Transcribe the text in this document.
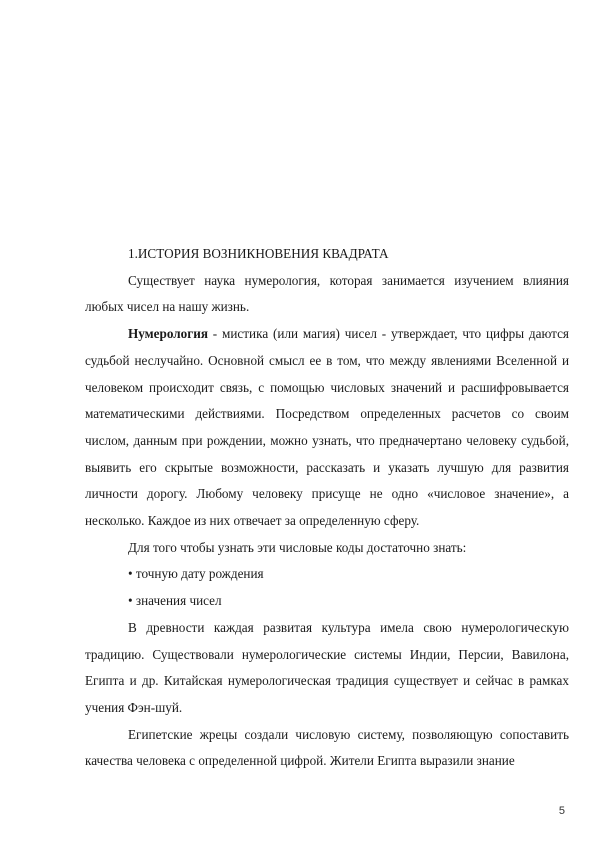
1.ИСТОРИЯ ВОЗНИКНОВЕНИЯ КВАДРАТА

Существует наука нумерология, которая занимается изучением влияния любых чисел на нашу жизнь.

Нумерология - мистика (или магия) чисел - утверждает, что цифры даются судьбой неслучайно. Основной смысл ее в том, что между явлениями Вселенной и человеком происходит связь, с помощью числовых значений и расшифровывается математическими действиями. Посредством определенных расчетов со своим числом, данным при рождении, можно узнать, что предначертано человеку судьбой, выявить его скрытые возможности, рассказать и указать лучшую для развития личности дорогу. Любому человеку присуще не одно «числовое значение», а несколько. Каждое из них отвечает за определенную сферу.

Для того чтобы узнать эти числовые коды достаточно знать:

• точную дату рождения

• значения чисел

В древности каждая развитая культура имела свою нумерологическую традицию. Существовали нумерологические системы Индии, Персии, Вавилона, Египта и др. Китайская нумерологическая традиция существует и сейчас в рамках учения Фэн-шуй.

Египетские жрецы создали числовую систему, позволяющую сопоставить качества человека с определенной цифрой. Жители Египта выразили знание

5
